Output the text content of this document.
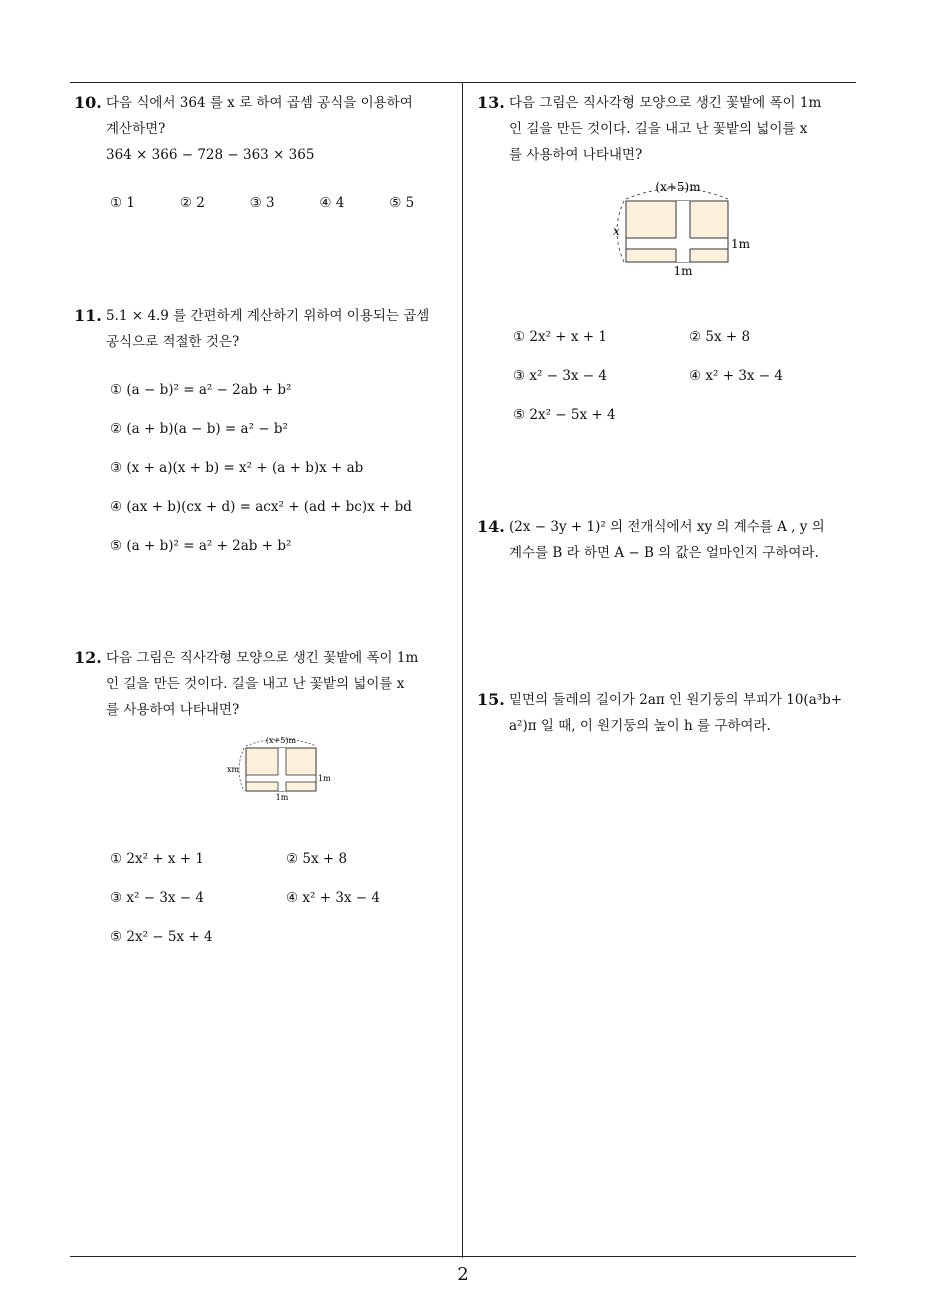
10. 다음 식에서 364 를 x 로 하여 곱셈 공식을 이용하여
계산하면?
364 × 366 − 728 − 363 × 365
① 1	② 2	③ 3	④ 4	⑤ 5
11. 5.1 × 4.9 를 간편하게 계산하기 위하여 이용되는 곱셈
공식으로 적절한 것은?
① (a − b)² = a² − 2ab + b²
② (a + b)(a − b) = a² − b²
③ (x + a)(x + b) = x² + (a + b)x + ab
④ (ax + b)(cx + d) = acx² + (ad + bc)x + bd
⑤ (a + b)² = a² + 2ab + b²
12. 다음 그림은 직사각형 모양으로 생긴 꽃밭에 폭이 1m
인 길을 만든 것이다. 길을 내고 난 꽃밭의 넓이를 x
를 사용하여 나타내면?
(x+5)m
xm
1m
1m
① 2x² + x + 1	② 5x + 8
③ x² − 3x − 4	④ x² + 3x − 4
⑤ 2x² − 5x + 4
13. 다음 그림은 직사각형 모양으로 생긴 꽃밭에 폭이 1m
인 길을 만든 것이다. 길을 내고 난 꽃밭의 넓이를 x
를 사용하여 나타내면?
(x+5)m
x
1m
1m
① 2x² + x + 1	② 5x + 8
③ x² − 3x − 4	④ x² + 3x − 4
⑤ 2x² − 5x + 4
14. (2x − 3y + 1)² 의 전개식에서 xy 의 계수를 A , y 의
계수를 B 라 하면 A − B 의 값은 얼마인지 구하여라.
15. 밑면의 둘레의 길이가 2aπ 인 원기둥의 부피가 10(a³b+
a²)π 일 때, 이 원기둥의 높이 h 를 구하여라.
2
